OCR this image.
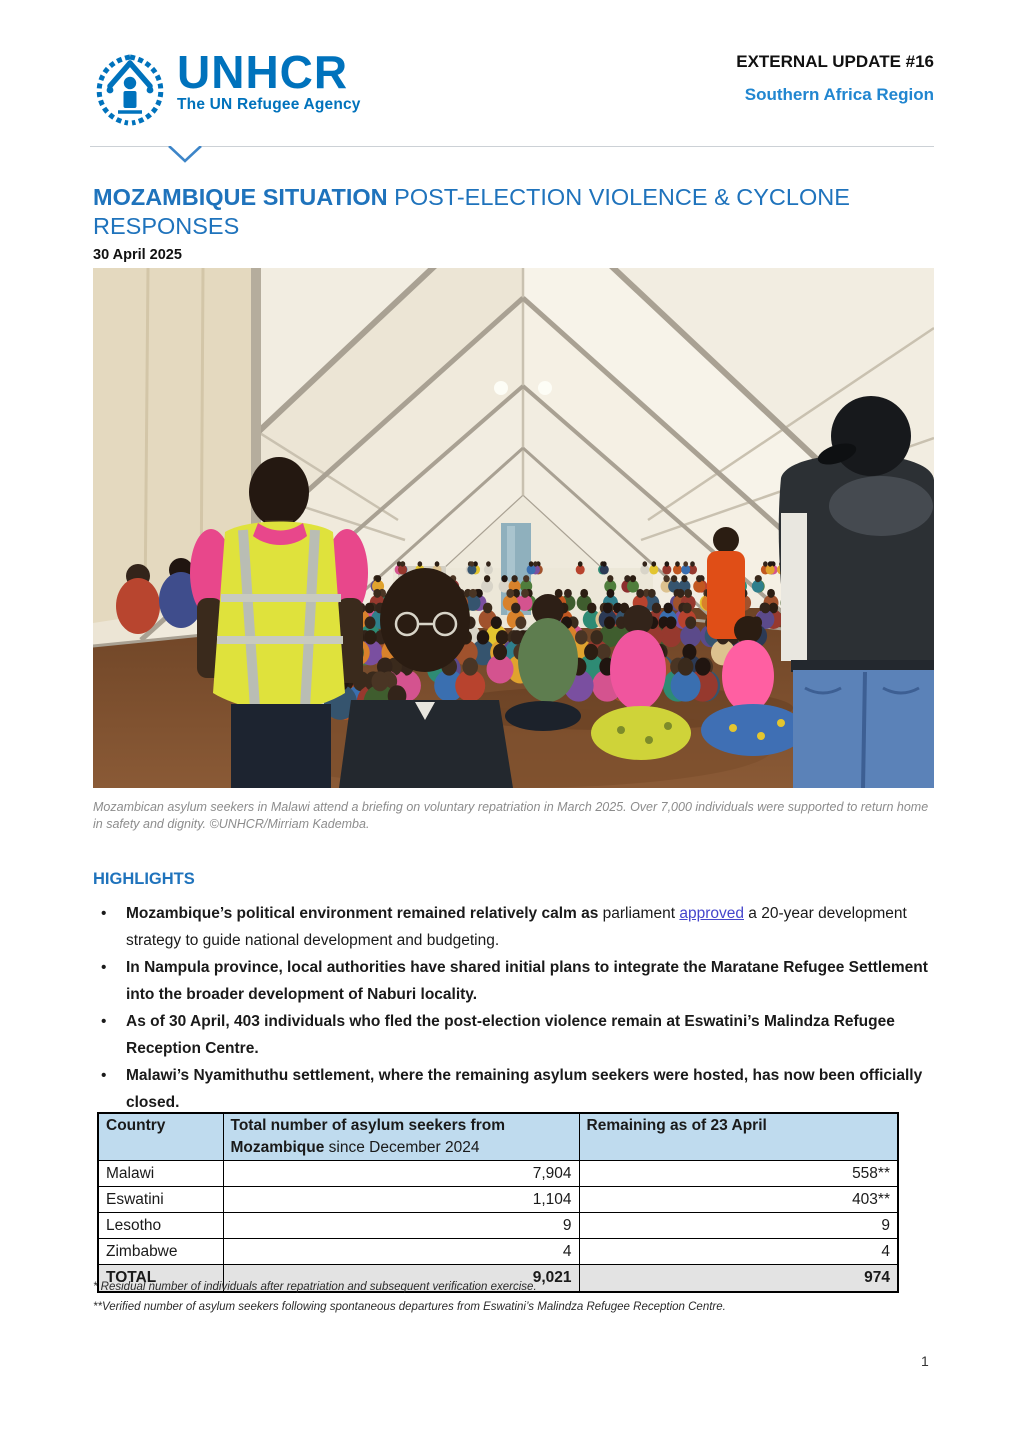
UNHCR
The UN Refugee Agency
EXTERNAL UPDATE #16
Southern Africa Region
MOZAMBIQUE SITUATION POST-ELECTION VIOLENCE & CYCLONE RESPONSES
30 April 2025
Mozambican asylum seekers in Malawi attend a briefing on voluntary repatriation in March 2025. Over 7,000 individuals were supported to return home in safety and dignity. ©UNHCR/Mirriam Kademba.
HIGHLIGHTS
• Mozambique’s political environment remained relatively calm as parliament approved a 20-year development strategy to guide national development and budgeting.
• In Nampula province, local authorities have shared initial plans to integrate the Maratane Refugee Settlement into the broader development of Naburi locality.
• As of 30 April, 403 individuals who fled the post-election violence remain at Eswatini’s Malindza Refugee Reception Centre.
• Malawi’s Nyamithuthu settlement, where the remaining asylum seekers were hosted, has now been officially closed.
Country	Total number of asylum seekers from Mozambique since December 2024	Remaining as of 23 April
Malawi	7,904	558**
Eswatini	1,104	403**
Lesotho	9	9
Zimbabwe	4	4
TOTAL	9,021	974
* Residual number of individuals after repatriation and subsequent verification exercise.
**Verified number of asylum seekers following spontaneous departures from Eswatini’s Malindza Refugee Reception Centre.
1
